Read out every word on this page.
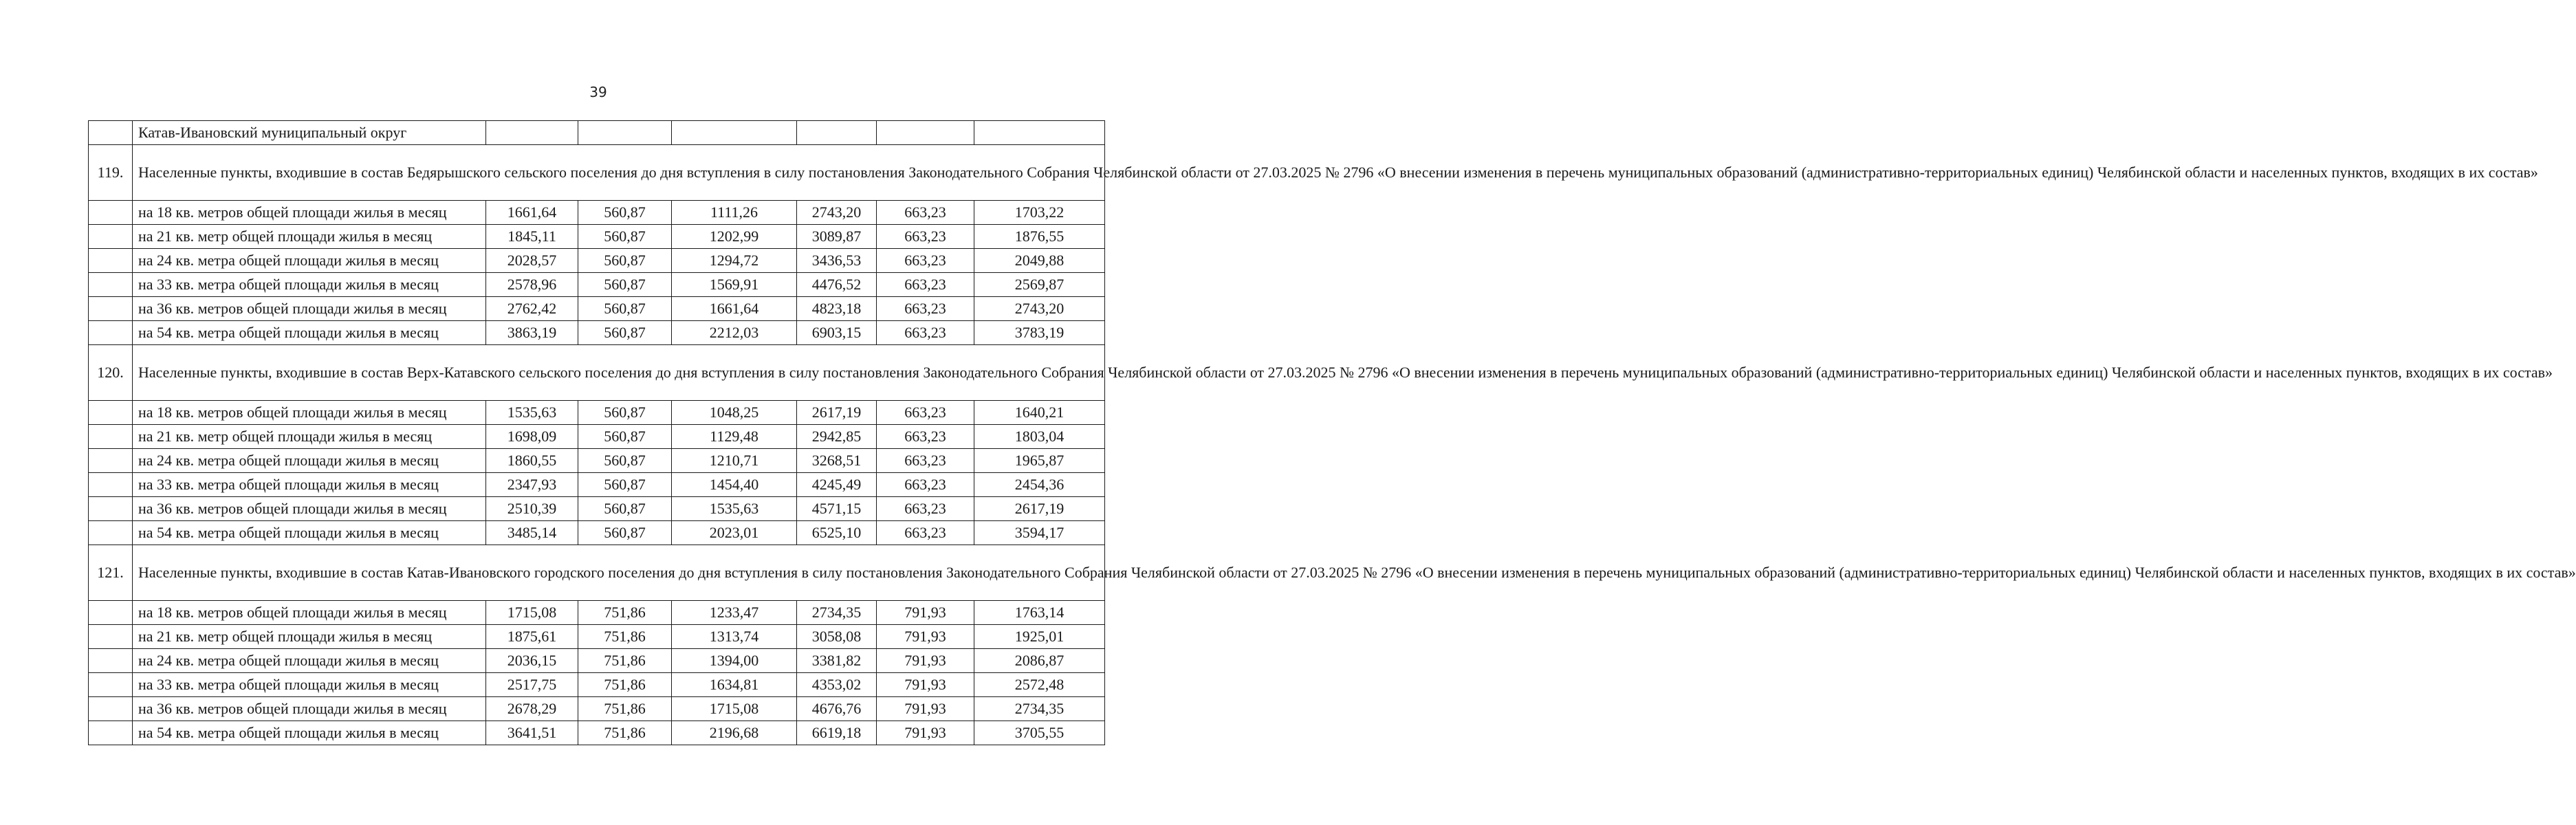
39
	Катав-Ивановский муниципальный округ						
119.	Населенные пункты, входившие в состав Бедярышского сельского поселения до дня вступления в силу постановления Законодательного Собрания Челябинской области от 27.03.2025 № 2796 «О внесении изменения в перечень муниципальных образований (административно-территориальных единиц) Челябинской области и населенных пунктов, входящих в их состав»						
	на 18 кв. метров общей площади жилья в месяц	1661,64	560,87	1111,26	2743,20	663,23	1703,22
	на 21 кв. метр общей площади жилья в месяц	1845,11	560,87	1202,99	3089,87	663,23	1876,55
	на 24 кв. метра общей площади жилья в месяц	2028,57	560,87	1294,72	3436,53	663,23	2049,88
	на 33 кв. метра общей площади жилья в месяц	2578,96	560,87	1569,91	4476,52	663,23	2569,87
	на 36 кв. метров общей площади жилья в месяц	2762,42	560,87	1661,64	4823,18	663,23	2743,20
	на 54 кв. метра общей площади жилья в месяц	3863,19	560,87	2212,03	6903,15	663,23	3783,19
120.	Населенные пункты, входившие в состав Верх-Катавского сельского поселения до дня вступления в силу постановления Законодательного Собрания Челябинской области от 27.03.2025 № 2796 «О внесении изменения в перечень муниципальных образований (административно-территориальных единиц) Челябинской области и населенных пунктов, входящих в их состав»						
	на 18 кв. метров общей площади жилья в месяц	1535,63	560,87	1048,25	2617,19	663,23	1640,21
	на 21 кв. метр общей площади жилья в месяц	1698,09	560,87	1129,48	2942,85	663,23	1803,04
	на 24 кв. метра общей площади жилья в месяц	1860,55	560,87	1210,71	3268,51	663,23	1965,87
	на 33 кв. метра общей площади жилья в месяц	2347,93	560,87	1454,40	4245,49	663,23	2454,36
	на 36 кв. метров общей площади жилья в месяц	2510,39	560,87	1535,63	4571,15	663,23	2617,19
	на 54 кв. метра общей площади жилья в месяц	3485,14	560,87	2023,01	6525,10	663,23	3594,17
121.	Населенные пункты, входившие в состав Катав-Ивановского городского поселения до дня вступления в силу постановления Законодательного Собрания Челябинской области от 27.03.2025 № 2796 «О внесении изменения в перечень муниципальных образований (административно-территориальных единиц) Челябинской области и населенных пунктов, входящих в их состав»						
	на 18 кв. метров общей площади жилья в месяц	1715,08	751,86	1233,47	2734,35	791,93	1763,14
	на 21 кв. метр общей площади жилья в месяц	1875,61	751,86	1313,74	3058,08	791,93	1925,01
	на 24 кв. метра общей площади жилья в месяц	2036,15	751,86	1394,00	3381,82	791,93	2086,87
	на 33 кв. метра общей площади жилья в месяц	2517,75	751,86	1634,81	4353,02	791,93	2572,48
	на 36 кв. метров общей площади жилья в месяц	2678,29	751,86	1715,08	4676,76	791,93	2734,35
	на 54 кв. метра общей площади жилья в месяц	3641,51	751,86	2196,68	6619,18	791,93	3705,55
